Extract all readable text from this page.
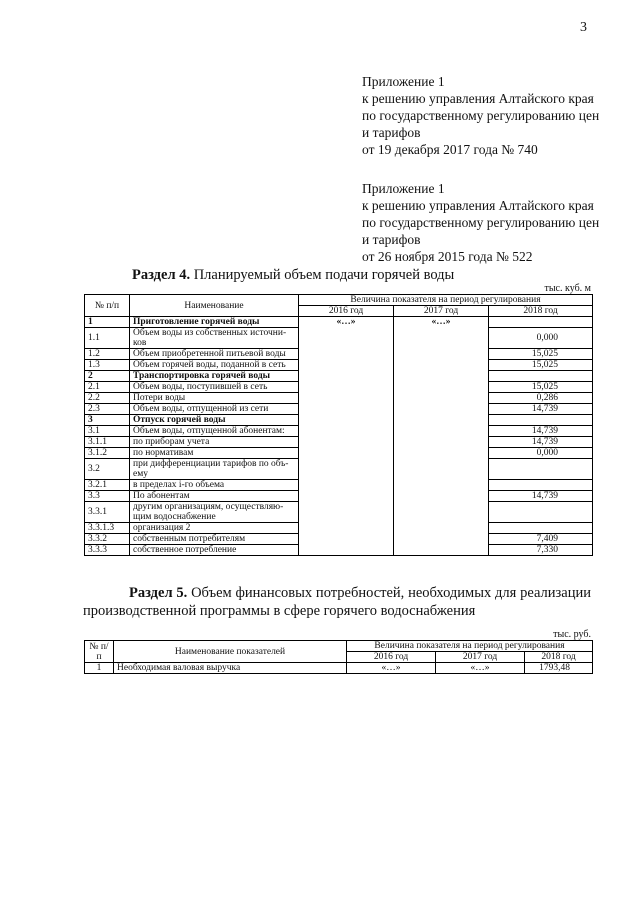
3
Приложение 1
к решению управления Алтайского края
по государственному регулированию цен
и тарифов
от 19 декабря 2017 года № 740
Приложение 1
к решению управления Алтайского края
по государственному регулированию цен
и тарифов
от 26 ноября 2015 года № 522
Раздел 4. Планируемый объем подачи горячей воды
тыс. куб. м
№ п/п	Наименование	Величина показателя на период регулирования		
		2016 год	2017 год	2018 год
1	Приготовление горячей воды	«…»	«…»	
1.1	Объем воды из собственных источни-ков			0,000
1.2	Объем приобретенной питьевой воды			15,025
1.3	Объем горячей воды, поданной в сеть			15,025
2	Транспортировка горячей воды			
2.1	Объем воды, поступившей в сеть			15,025
2.2	Потери воды			0,286
2.3	Объем воды, отпущенной из сети			14,739
3	Отпуск горячей воды			
3.1	Объем воды, отпущенной абонентам:			14,739
3.1.1	по приборам учета			14,739
3.1.2	по нормативам			0,000
3.2	при дифференциации тарифов по объ-ему			
3.2.1	в пределах i-го объема			
3.3	По абонентам			14,739
3.3.1	другим организациям, осуществляю-щим водоснабжение			
3.3.1.3	организация 2			
3.3.2	собственным потребителям			7,409
3.3.3	собственное потребление			7,330
Раздел 5. Объем финансовых потребностей, необходимых для реализации производственной программы в сфере горячего водоснабжения
тыс. руб.
№ п/п	Наименование показателей	Величина показателя на период регулирования		
		2016 год	2017 год	2018 год
1	Необходимая валовая выручка	«…»	«…»	1793,48
